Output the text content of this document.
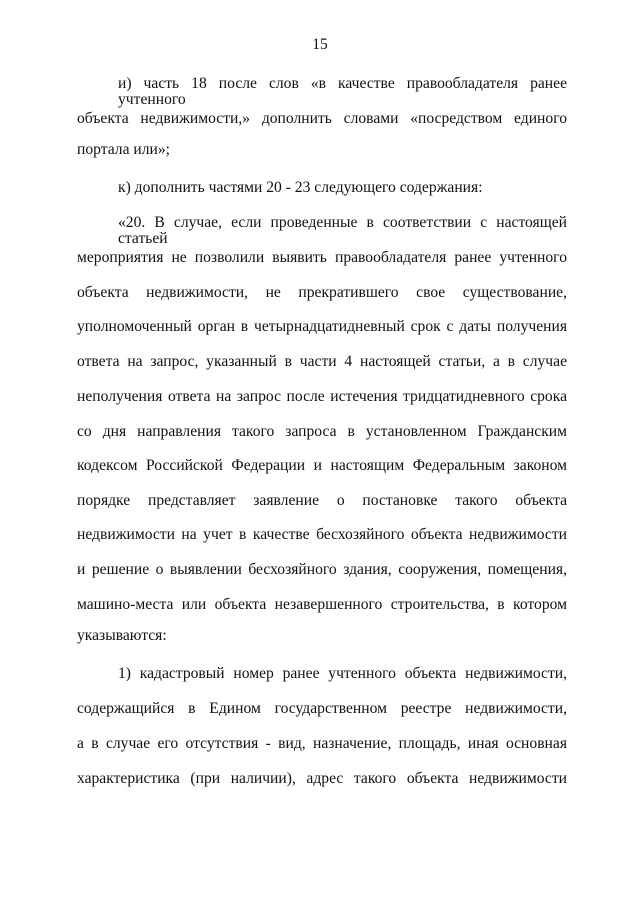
15
и) часть 18 после слов «в качестве правообладателя ранее учтенного
объекта недвижимости,» дополнить словами «посредством единого
портала или»;
к) дополнить частями 20 - 23 следующего содержания:
«20. В случае, если проведенные в соответствии с настоящей статьей
мероприятия не позволили выявить правообладателя ранее учтенного
объекта недвижимости, не прекратившего свое существование,
уполномоченный орган в четырнадцатидневный срок с даты получения
ответа на запрос, указанный в части 4 настоящей статьи, а в случае
неполучения ответа на запрос после истечения тридцатидневного срока
со дня направления такого запроса в установленном Гражданским
кодексом Российской Федерации и настоящим Федеральным законом
порядке представляет заявление о постановке такого объекта
недвижимости на учет в качестве бесхозяйного объекта недвижимости
и решение о выявлении бесхозяйного здания, сооружения, помещения,
машино-места или объекта незавершенного строительства, в котором
указываются:
1) кадастровый номер ранее учтенного объекта недвижимости,
содержащийся в Едином государственном реестре недвижимости,
а в случае его отсутствия - вид, назначение, площадь, иная основная
характеристика (при наличии), адрес такого объекта недвижимости
